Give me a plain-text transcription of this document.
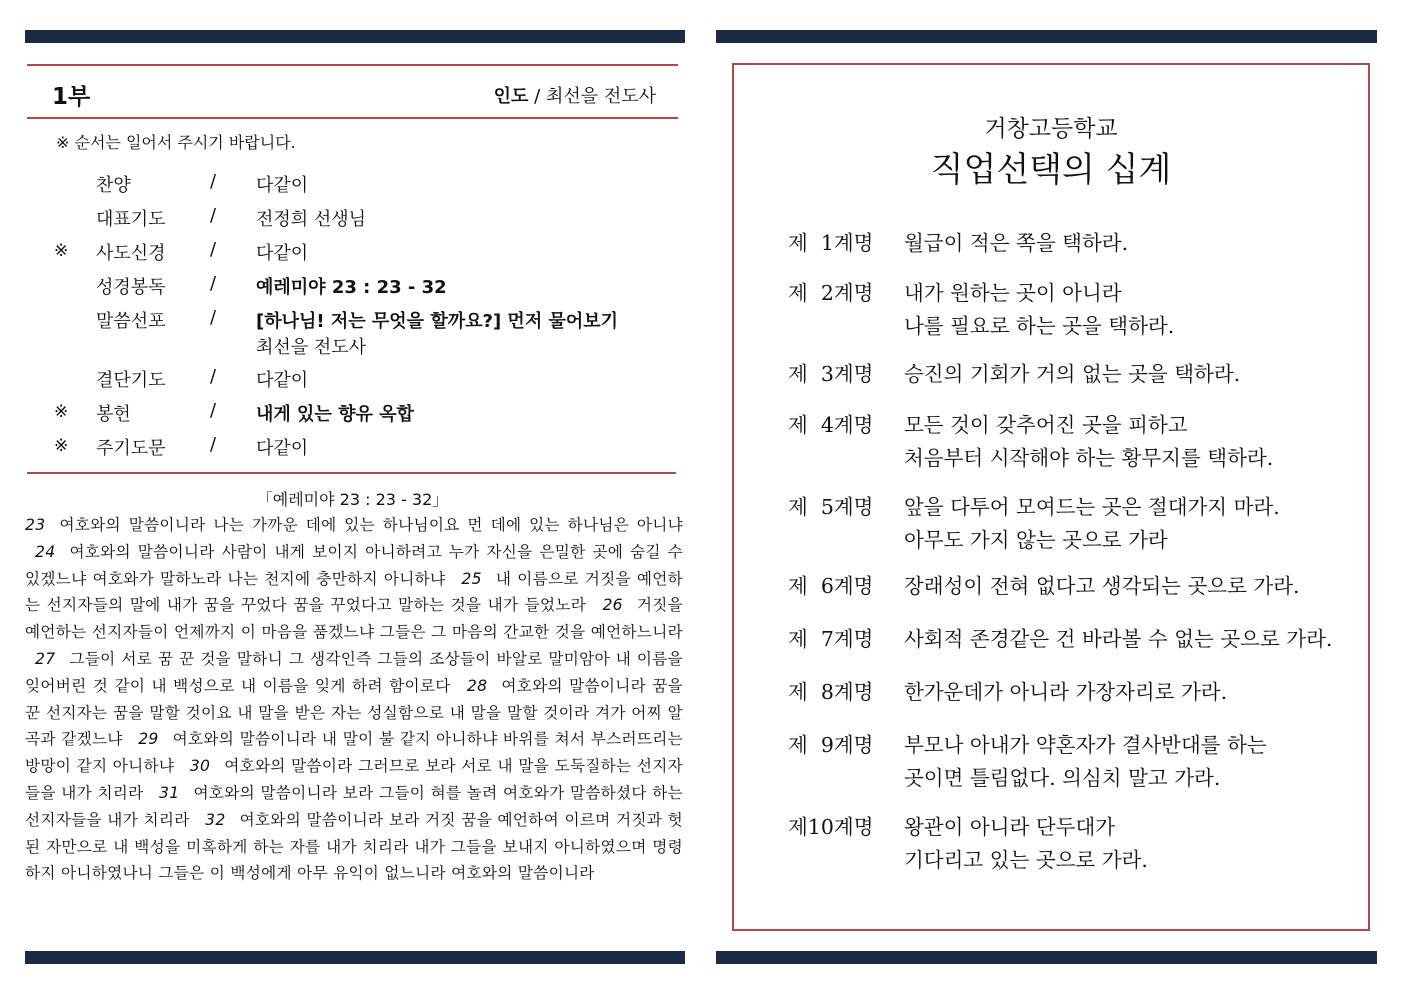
1부	인도 / 최선을 전도사
※ 순서는 일어서 주시기 바랍니다.
찬양	/ 다같이
대표기도	/ 전정희 선생님
※ 사도신경	/ 다같이
성경봉독	/ 예레미야 23 : 23 - 32
말씀선포	/ [하나님! 저는 무엇을 할까요?] 먼저 물어보기
최선을 전도사
결단기도	/ 다같이
※ 봉헌	/ 내게 있는 향유 옥합
※ 주기도문	/ 다같이
「예레미야 23 : 23 - 32」
23 여호와의 말씀이니라 나는 가까운 데에 있는 하나님이요 먼 데에 있는 하나님은 아니냐 24 여호와의 말씀이니라 사람이 내게 보이지 아니하려고 누가 자신을 은밀한 곳에 숨길 수 있겠느냐 여호와가 말하노라 나는 천지에 충만하지 아니하냐 25 내 이름으로 거짓을 예언하는 선지자들의 말에 내가 꿈을 꾸었다 꿈을 꾸었다고 말하는 것을 내가 들었노라 26 거짓을 예언하는 선지자들이 언제까지 이 마음을 품겠느냐 그들은 그 마음의 간교한 것을 예언하느니라 27 그들이 서로 꿈 꾼 것을 말하니 그 생각인즉 그들의 조상들이 바알로 말미암아 내 이름을 잊어버린 것 같이 내 백성으로 내 이름을 잊게 하려 함이로다 28 여호와의 말씀이니라 꿈을 꾼 선지자는 꿈을 말할 것이요 내 말을 받은 자는 성실함으로 내 말을 말할 것이라 겨가 어찌 알곡과 같겠느냐 29 여호와의 말씀이니라 내 말이 불 같지 아니하냐 바위를 쳐서 부스러뜨리는 방망이 같지 아니하냐 30 여호와의 말씀이라 그러므로 보라 서로 내 말을 도둑질하는 선지자들을 내가 치리라 31 여호와의 말씀이니라 보라 그들이 혀를 놀려 여호와가 말씀하셨다 하는 선지자들을 내가 치리라 32 여호와의 말씀이니라 보라 거짓 꿈을 예언하여 이르며 거짓과 헛된 자만으로 내 백성을 미혹하게 하는 자를 내가 치리라 내가 그들을 보내지 아니하였으며 명령하지 아니하였나니 그들은 이 백성에게 아무 유익이 없느니라 여호와의 말씀이니라
거창고등학교
직업선택의 십계
제  1계명 월급이 적은 쪽을 택하라.
제  2계명 내가 원하는 곳이 아니라
나를 필요로 하는 곳을 택하라.
제  3계명 승진의 기회가 거의 없는 곳을 택하라.
제  4계명 모든 것이 갖추어진 곳을 피하고
처음부터 시작해야 하는 황무지를 택하라.
제  5계명 앞을 다투어 모여드는 곳은 절대가지 마라.
아무도 가지 않는 곳으로 가라
제  6계명 장래성이 전혀 없다고 생각되는 곳으로 가라.
제  7계명 사회적 존경같은 건 바라볼 수 없는 곳으로 가라.
제  8계명 한가운데가 아니라 가장자리로 가라.
제  9계명 부모나 아내가 약혼자가 결사반대를 하는
곳이면 틀림없다. 의심치 말고 가라.
제10계명 왕관이 아니라 단두대가
기다리고 있는 곳으로 가라.
